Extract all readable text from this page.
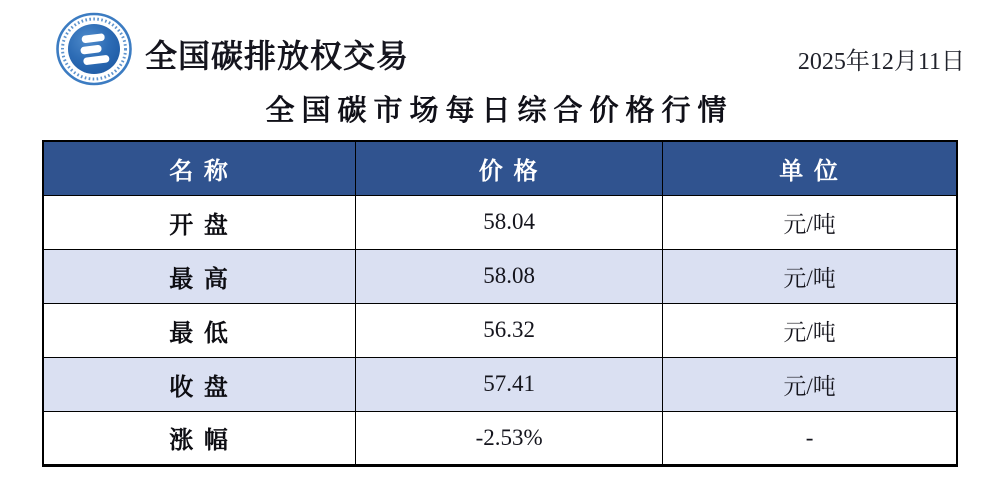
全国碳排放权交易	2025年12月11日
全国碳市场每日综合价格行情
名 称	价 格	单 位
开 盘	58.04	元/吨
最 高	58.08	元/吨
最 低	56.32	元/吨
收 盘	57.41	元/吨
涨 幅	-2.53%	-
